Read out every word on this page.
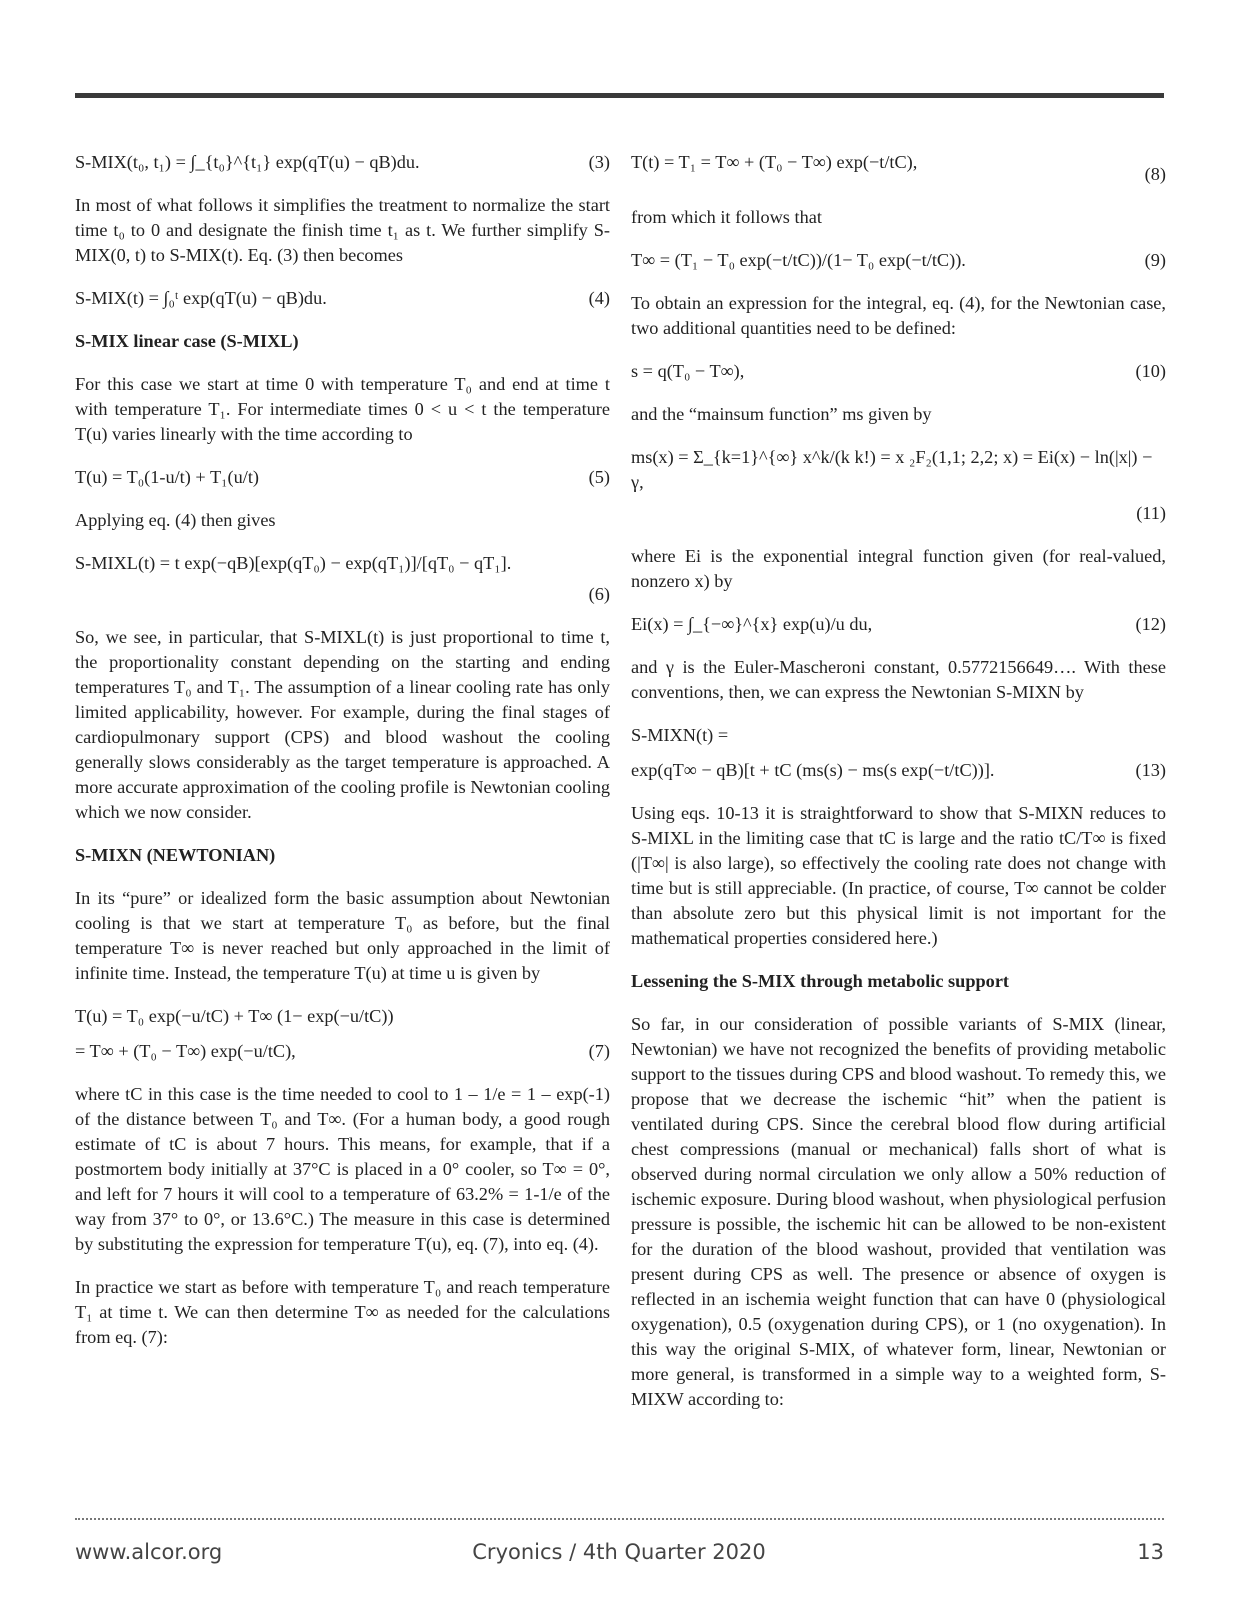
S-MIX(t₀, t₁) = ∫_{t₀}^{t₁} exp(qT(u) − qB)du.	(3)

In most of what follows it simplifies the treatment to normalize the start time t₀ to 0 and designate the finish time t₁ as t. We further simplify S-MIX(0, t) to S-MIX(t). Eq. (3) then becomes

S-MIX(t) = ∫₀ᵗ exp(qT(u) − qB)du.	(4)
S-MIX linear case (S-MIXL)

For this case we start at time 0 with temperature T₀ and end at time t with temperature T₁. For intermediate times 0 < u < t the temperature T(u) varies linearly with the time according to

T(u) = T₀(1-u/t) + T₁(u/t)	(5)

Applying eq. (4) then gives

S-MIXL(t) = t exp(−qB)[exp(qT₀) − exp(qT₁)]/[qT₀ − qT₁].
(6)

So, we see, in particular, that S-MIXL(t) is just proportional to time t, the proportionality constant depending on the starting and ending temperatures T₀ and T₁. The assumption of a linear cooling rate has only limited applicability, however. For example, during the final stages of cardiopulmonary support (CPS) and blood washout the cooling generally slows considerably as the target temperature is approached. A more accurate approximation of the cooling profile is Newtonian cooling which we now consider.

S-MIXN (NEWTONIAN)

In its “pure” or idealized form the basic assumption about Newtonian cooling is that we start at temperature T₀ as before, but the final temperature T∞ is never reached but only approached in the limit of infinite time. Instead, the temperature T(u) at time u is given by

T(u) = T₀ exp(−u/tC) + T∞ (1− exp(−u/tC))
= T∞ + (T₀ − T∞) exp(−u/tC),	(7)

where tC in this case is the time needed to cool to 1 – 1/e = 1 – exp(-1) of the distance between T₀ and T∞. (For a human body, a good rough estimate of tC is about 7 hours. This means, for example, that if a postmortem body initially at 37°C is placed in a 0° cooler, so T∞ = 0°, and left for 7 hours it will cool to a temperature of 63.2% = 1-1/e of the way from 37° to 0°, or 13.6°C.) The measure in this case is determined by substituting the expression for temperature T(u), eq. (7), into eq. (4).

In practice we start as before with temperature T₀ and reach temperature T₁ at time t. We can then determine T∞ as needed for the calculations from eq. (7):

T(t) = T₁ = T∞ + (T₀ − T∞) exp(−t/tC),
(8)

from which it follows that

T∞ = (T₁ − T₀ exp(−t/tC))/(1− T₀ exp(−t/tC)).	(9)

To obtain an expression for the integral, eq. (4), for the Newtonian case, two additional quantities need to be defined:

s = q(T₀ − T∞),	(10)

and the “mainsum function” ms given by

ms(x) = Σ_{k=1}^{∞} x^k/(k k!) = x ₂F₂(1,1; 2,2; x) = Ei(x) − ln(|x|) − γ,
(11)

where Ei is the exponential integral function given (for real-valued, nonzero x) by

Ei(x) = ∫_{−∞}^{x} exp(u)/u du,	(12)

and γ is the Euler-Mascheroni constant, 0.5772156649…. With these conventions, then, we can express the Newtonian S-MIXN by

S-MIXN(t) =
exp(qT∞ − qB)[t + tC (ms(s) − ms(s exp(−t/tC))].	(13)

Using eqs. 10-13 it is straightforward to show that S-MIXN reduces to S-MIXL in the limiting case that tC is large and the ratio tC/T∞ is fixed (|T∞| is also large), so effectively the cooling rate does not change with time but is still appreciable. (In practice, of course, T∞ cannot be colder than absolute zero but this physical limit is not important for the mathematical properties considered here.)

Lessening the S-MIX through metabolic support

So far, in our consideration of possible variants of S-MIX (linear, Newtonian) we have not recognized the benefits of providing metabolic support to the tissues during CPS and blood washout. To remedy this, we propose that we decrease the ischemic “hit” when the patient is ventilated during CPS. Since the cerebral blood flow during artificial chest compressions (manual or mechanical) falls short of what is observed during normal circulation we only allow a 50% reduction of ischemic exposure. During blood washout, when physiological perfusion pressure is possible, the ischemic hit can be allowed to be non-existent for the duration of the blood washout, provided that ventilation was present during CPS as well. The presence or absence of oxygen is reflected in an ischemia weight function that can have 0 (physiological oxygenation), 0.5 (oxygenation during CPS), or 1 (no oxygenation). In this way the original S-MIX, of whatever form, linear, Newtonian or more general, is transformed in a simple way to a weighted form, S-MIXW according to:

www.alcor.org	Cryonics / 4th Quarter 2020	13
